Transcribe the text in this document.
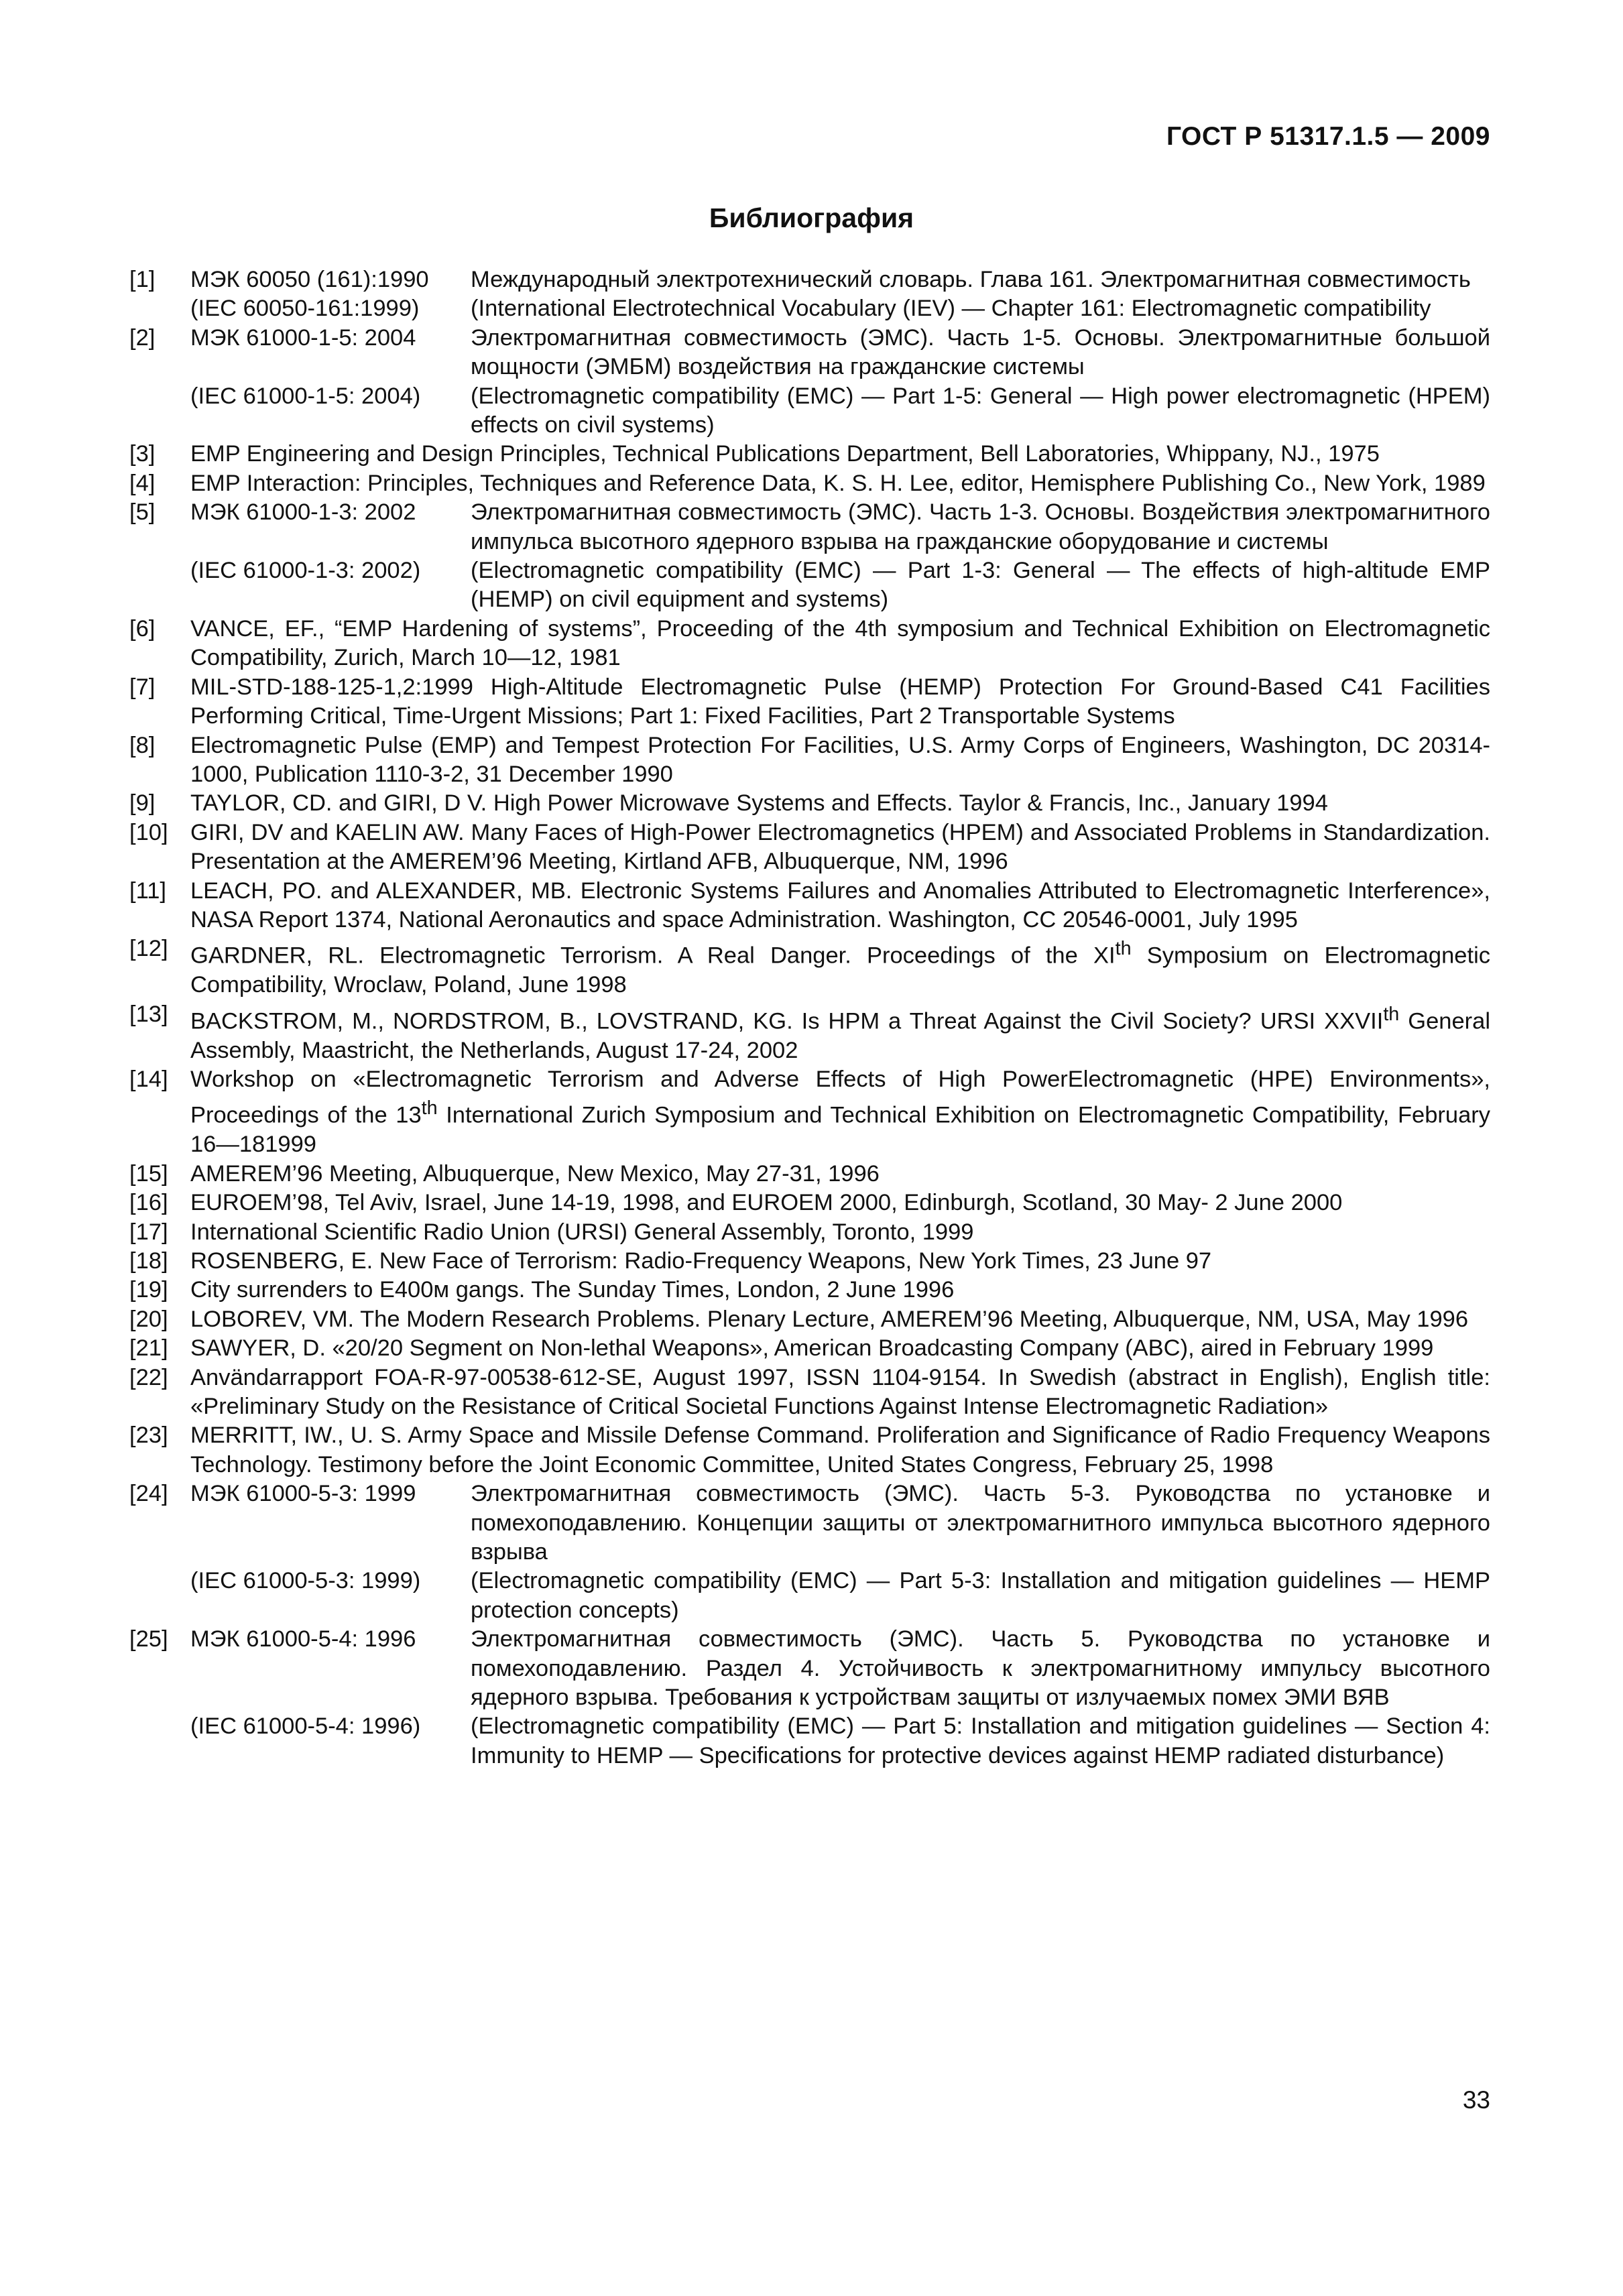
ГОСТ Р 51317.1.5 — 2009
Библиография
[1]	МЭК 60050 (161):1990	Международный электротехнический словарь. Глава 161. Электромагнитная совместимость
(IEC 60050-161:1999)	(International Electrotechnical Vocabulary (IEV) — Chapter 161: Electromagnetic compatibility
[2]	МЭК 61000-1-5: 2004	Электромагнитная совместимость (ЭМС). Часть 1-5. Основы. Электромагнитные большой мощности (ЭМБМ) воздействия на гражданские системы
(IEC 61000-1-5: 2004)	(Electromagnetic compatibility (EMC) — Part 1-5: General — High power electromagnetic (HPEM) effects on civil systems)
[3]	EMP Engineering and Design Principles, Technical Publications Department, Bell Laboratories, Whippany, NJ., 1975
[4]	EMP Interaction: Principles, Techniques and Reference Data, K. S. H. Lee, editor, Hemisphere Publishing Co., New York, 1989
[5]	МЭК 61000-1-3: 2002	Электромагнитная совместимость (ЭМС). Часть 1-3. Основы. Воздействия электромагнитного импульса высотного ядерного взрыва на гражданские оборудование и системы
(IEC 61000-1-3: 2002)	(Electromagnetic compatibility (EMC) — Part 1-3: General — The effects of high-altitude EMP (HEMP) on civil equipment and systems)
[6]	VANCE, EF., “EMP Hardening of systems”, Proceeding of the 4th symposium and Technical Exhibition on Electromagnetic Compatibility, Zurich, March 10—12, 1981
[7]	MIL-STD-188-125-1,2:1999 High-Altitude Electromagnetic Pulse (HEMP) Protection For Ground-Based C41 Facilities Performing Critical, Time-Urgent Missions; Part 1: Fixed Facilities, Part 2 Transportable Systems
[8]	Electromagnetic Pulse (EMP) and Tempest Protection For Facilities, U.S. Army Corps of Engineers, Washington, DC 20314-1000, Publication 1110-3-2, 31 December 1990
[9]	TAYLOR, CD. and GIRI, D V. High Power Microwave Systems and Effects. Taylor & Francis, Inc., January 1994
[10] GIRI, DV and KAELIN AW. Many Faces of High-Power Electromagnetics (HPEM) and Associated Problems in Standardization. Presentation at the AMEREM’96 Meeting, Kirtland AFB, Albuquerque, NM, 1996
[11]	LEACH, PO. and ALEXANDER, MB. Electronic Systems Failures and Anomalies Attributed to Electromagnetic Interference», NASA Report 1374, National Aeronautics and space Administration. Washington, CC 20546-0001, July 1995
[12] GARDNER, RL. Electromagnetic Terrorism. A Real Danger. Proceedings of the XIth Symposium on Electromagnetic Compatibility, Wroclaw, Poland, June 1998
[13] BACKSTROM, M., NORDSTROM, B., LOVSTRAND, KG. Is HPM a Threat Against the Civil Society? URSI XXVIIth General Assembly, Maastricht, the Netherlands, August 17-24, 2002
[14] Workshop on «Electromagnetic Terrorism and Adverse Effects of High PowerElectromagnetic (HPE) Environments», Proceedings of the 13th International Zurich Symposium and Technical Exhibition on Electromagnetic Compatibility, February 16—181999
[15] AMEREM’96 Meeting, Albuquerque, New Mexico, May 27-31, 1996
[16] EUROEM’98, Tel Aviv, Israel, June 14-19, 1998, and EUROEM 2000, Edinburgh, Scotland, 30 May- 2 June 2000
[17] International Scientific Radio Union (URSI) General Assembly, Toronto, 1999
[18] ROSENBERG, E. New Face of Terrorism: Radio-Frequency Weapons, New York Times, 23 June 97
[19] City surrenders to E400м gangs. The Sunday Times, London, 2 June 1996
[20] LOBOREV, VM. The Modern Research Problems. Plenary Lecture, AMEREM’96 Meeting, Albuquerque, NM, USA, May 1996
[21] SAWYER, D. «20/20 Segment on Non-lethal Weapons», American Broadcasting Company (ABC), aired in February 1999
[22] Användarrapport FOA-R-97-00538-612-SE, August 1997, ISSN 1104-9154. In Swedish (abstract in English), English title: «Preliminary Study on the Resistance of Critical Societal Functions Against Intense Electromagnetic Radiation»
[23] MERRITT, IW., U. S. Army Space and Missile Defense Command. Proliferation and Significance of Radio Frequency Weapons Technology. Testimony before the Joint Economic Committee, United States Congress, February 25, 1998
[24] МЭК 61000-5-3: 1999	Электромагнитная совместимость (ЭМС). Часть 5-3. Руководства по установке и помехоподавлению. Концепции защиты от электромагнитного импульса высотного ядерного взрыва
(IEC 61000-5-3: 1999)	(Electromagnetic compatibility (EMC) — Part 5-3: Installation and mitigation guidelines — HEMP protection concepts)
[25] МЭК 61000-5-4: 1996	Электромагнитная совместимость (ЭМС). Часть 5. Руководства по установке и помехоподавлению. Раздел 4. Устойчивость к электромагнитному импульсу высотного ядерного взрыва. Требования к устройствам защиты от излучаемых помех ЭМИ ВЯВ
(IEC 61000-5-4: 1996)	(Electromagnetic compatibility (EMC) — Part 5: Installation and mitigation guidelines — Section 4: Immunity to HEMP — Specifications for protective devices against HEMP radiated disturbance)
33
